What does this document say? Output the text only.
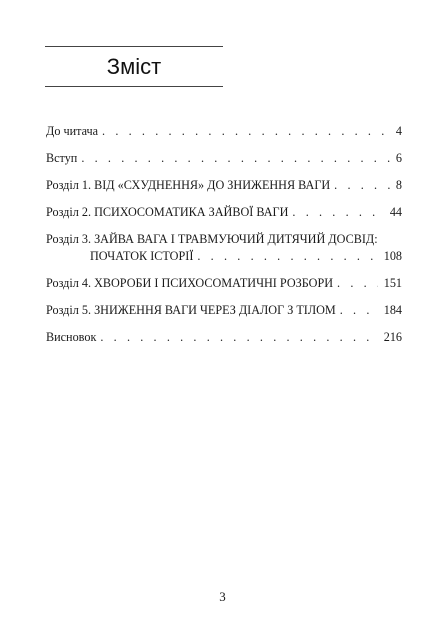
Зміст
До читача . . .	4
Вступ . . .	6
Розділ 1. ВІД «СХУДНЕННЯ» ДО ЗНИЖЕННЯ ВАГИ . . .	8
Розділ 2. ПСИХОСОМАТИКА ЗАЙВОЇ ВАГИ . . .	44
Розділ 3. ЗАЙВА ВАГА І ТРАВМУЮЧИЙ ДИТЯЧИЙ ДОСВІД:
ПОЧАТОК ІСТОРІЇ . . .	108
Розділ 4. ХВОРОБИ І ПСИХОСОМАТИЧНІ РОЗБОРИ . . .	151
Розділ 5. ЗНИЖЕННЯ ВАГИ ЧЕРЕЗ ДІАЛОГ З ТІЛОМ . . .	184
Висновок . . .	216
3
